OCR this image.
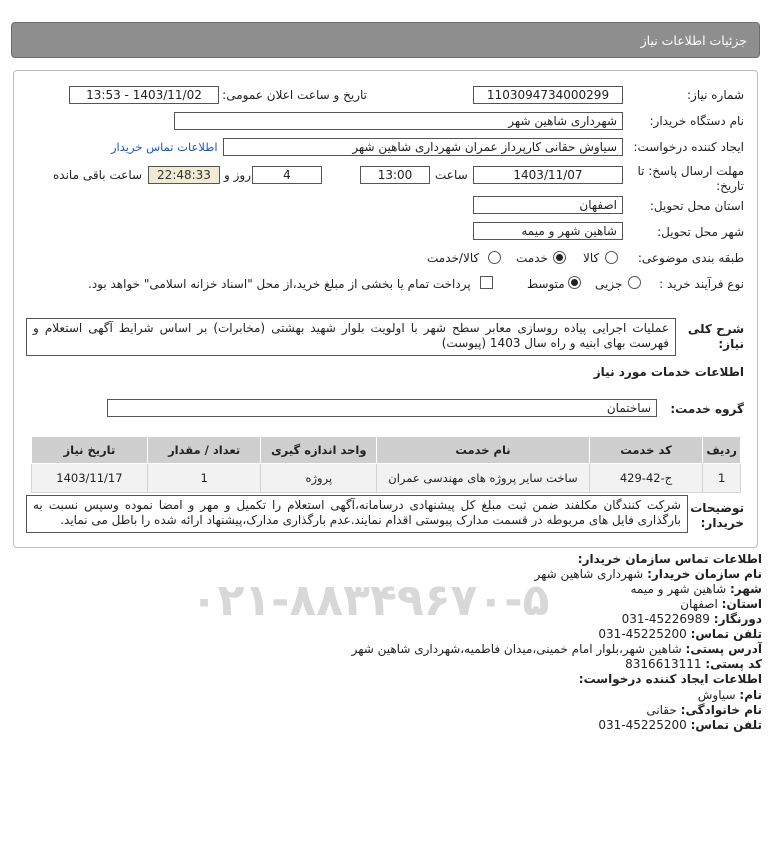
جزئیات اطلاعات نیاز
شماره نیاز:
1103094734000299
تاریخ و ساعت اعلان عمومی:
1403/11/02 - 13:53
نام دستگاه خریدار:
شهرداری شاهین شهر
ایجاد کننده درخواست:
سیاوش حقانی کارپرداز عمران شهرداری شاهین شهر
اطلاعات تماس خریدار
مهلت ارسال پاسخ: تا
تاریخ:
1403/11/07
ساعت
13:00
4
روز و
22:48:33
ساعت باقی مانده
استان محل تحویل:
اصفهان
شهر محل تحویل:
شاهین شهر و میمه
طبقه بندی موضوعی:
کالا
خدمت
کالا/خدمت
نوع فرآیند خرید :
جزیی
متوسط
پرداخت تمام یا بخشی از مبلغ خرید،از محل "اسناد خزانه اسلامی" خواهد بود.
شرح کلی نیاز:
عملیات اجرایی پیاده روسازی معابر سطح شهر با اولویت بلوار شهید بهشتی (مخابرات) بر اساس شرایط آگهی استعلام و فهرست بهای ابنیه و راه سال 1403 (پیوست)
اطلاعات خدمات مورد نیاز
گروه خدمت:
ساختمان
ردیف	کد خدمت	نام خدمت	واحد اندازه گیری	تعداد / مقدار	تاریخ نیاز
1	ج-42-429	ساخت سایر پروژه های مهندسی عمران	پروژه	1	1403/11/17
توضیحات خریدار:
شرکت کنندگان مکلفند ضمن ثبت مبلغ کل پیشنهادی درسامانه،آگهی استعلام را تکمیل و مهر و امضا نموده وسپس نسبت به بارگذاری فایل های مربوطه در قسمت مدارک پیوستی اقدام نمایند.عدم بارگذاری مدارک،پیشنهاد ارائه شده را باطل می نماید.
۰۲۱-۸۸۳۴۹۶۷۰-۵
اطلاعات تماس سازمان خریدار:
نام سازمان خریدار: شهرداری شاهین شهر
شهر: شاهین شهر و میمه
استان: اصفهان
دورنگار: 45226989-031
تلفن تماس: 45225200-031
آدرس پستی: شاهین شهر،بلوار امام خمینی،میدان فاطمیه،شهرداری شاهین شهر
کد پستی: 8316613111
اطلاعات ایجاد کننده درخواست:
نام: سیاوش
نام خانوادگی: حقانی
تلفن تماس: 45225200-031
